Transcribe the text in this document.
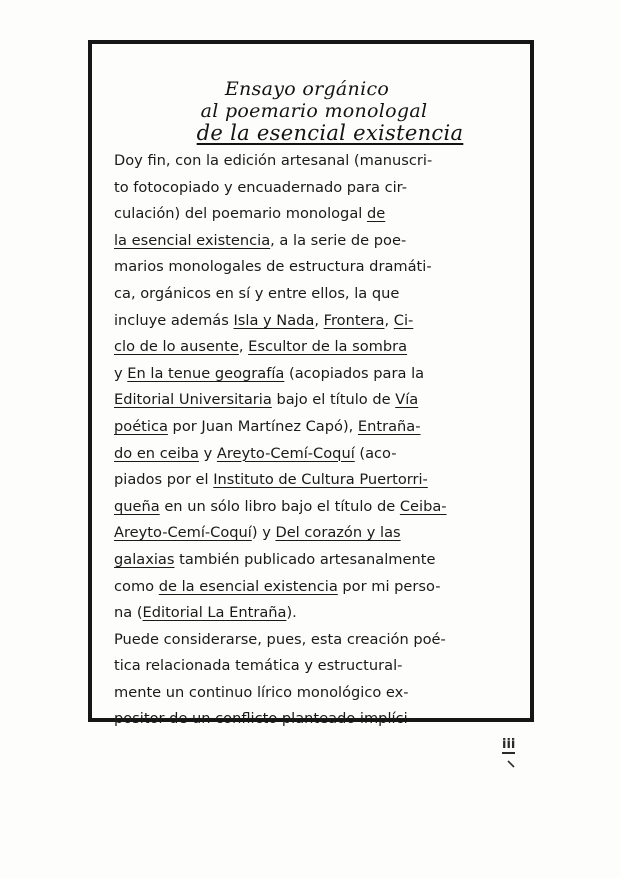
Ensayo orgánico
al poemario monologal
de la esencial existencia
Doy fin, con la edición artesanal (manuscri-
to fotocopiado y encuadernado para cir-
culación) del poemario monologal de
la esencial existencia, a la serie de poe-
marios monologales de estructura dramáti-
ca, orgánicos en sí y entre ellos, la que
incluye además Isla y Nada, Frontera, Ci-
clo de lo ausente, Escultor de la sombra
y En la tenue geografía (acopiados para la
Editorial Universitaria bajo el título de Vía
poética por Juan Martínez Capó), Entraña-
do en ceiba y Areyto-Cemí-Coquí (aco-
piados por el Instituto de Cultura Puertorri-
queña en un sólo libro bajo el título de Ceiba-
Areyto-Cemí-Coquí) y Del corazón y las
galaxias también publicado artesanalmente
como de la esencial existencia por mi perso-
na (Editorial La Entraña).
Puede considerarse, pues, esta creación poé-
tica relacionada temática y estructural-
mente un continuo lírico monológico ex-
positor de un conflicto planteado implíci-
iii
